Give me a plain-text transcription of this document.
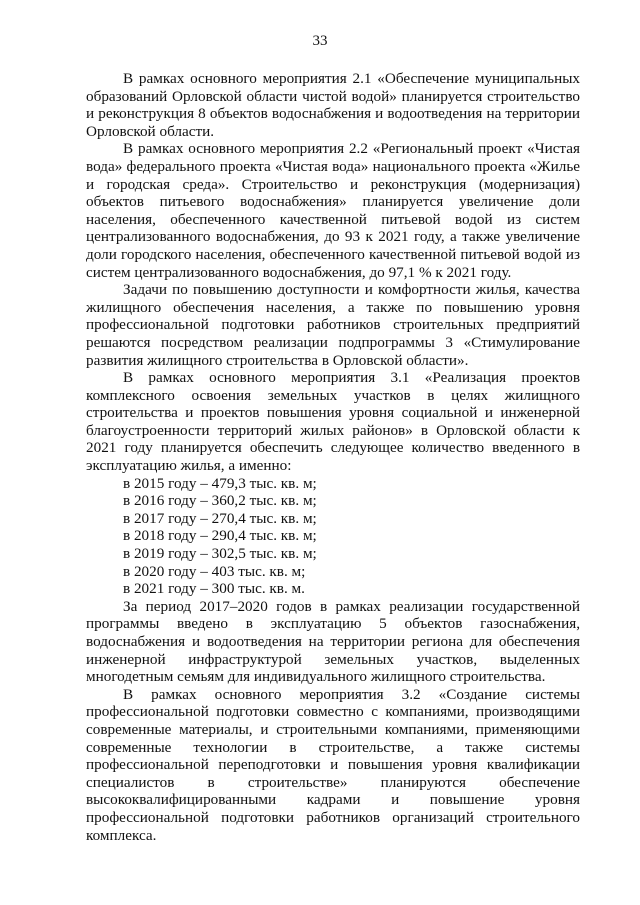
33

В рамках основного мероприятия 2.1 «Обеспечение муниципальных образований Орловской области чистой водой» планируется строительство и реконструкция 8 объектов водоснабжения и водоотведения на территории Орловской области.

В рамках основного мероприятия 2.2 «Региональный проект «Чистая вода» федерального проекта «Чистая вода» национального проекта «Жилье и городская среда». Строительство и реконструкция (модернизация) объектов питьевого водоснабжения» планируется увеличение доли населения, обеспеченного качественной питьевой водой из систем централизованного водоснабжения, до 93 к 2021 году, а также увеличение доли городского населения, обеспеченного качественной питьевой водой из систем централизованного водоснабжения, до 97,1 % к 2021 году.

Задачи по повышению доступности и комфортности жилья, качества жилищного обеспечения населения, а также по повышению уровня профессиональной подготовки работников строительных предприятий решаются посредством реализации подпрограммы 3 «Стимулирование развития жилищного строительства в Орловской области».

В рамках основного мероприятия 3.1 «Реализация проектов комплексного освоения земельных участков в целях жилищного строительства и проектов повышения уровня социальной и инженерной благоустроенности территорий жилых районов» в Орловской области к 2021 году планируется обеспечить следующее количество введенного в эксплуатацию жилья, а именно:

в 2015 году – 479,3 тыс. кв. м;
в 2016 году – 360,2 тыс. кв. м;
в 2017 году – 270,4 тыс. кв. м;
в 2018 году – 290,4 тыс. кв. м;
в 2019 году – 302,5 тыс. кв. м;
в 2020 году – 403 тыс. кв. м;
в 2021 году – 300 тыс. кв. м.

За период 2017–2020 годов в рамках реализации государственной программы введено в эксплуатацию 5 объектов газоснабжения, водоснабжения и водоотведения на территории региона для обеспечения инженерной инфраструктурой земельных участков, выделенных многодетным семьям для индивидуального жилищного строительства.

В рамках основного мероприятия 3.2 «Создание системы профессиональной подготовки совместно с компаниями, производящими современные материалы, и строительными компаниями, применяющими современные технологии в строительстве, а также системы профессиональной переподготовки и повышения уровня квалификации специалистов в строительстве» планируются обеспечение высококвалифицированными кадрами и повышение уровня профессиональной подготовки работников организаций строительного комплекса.
